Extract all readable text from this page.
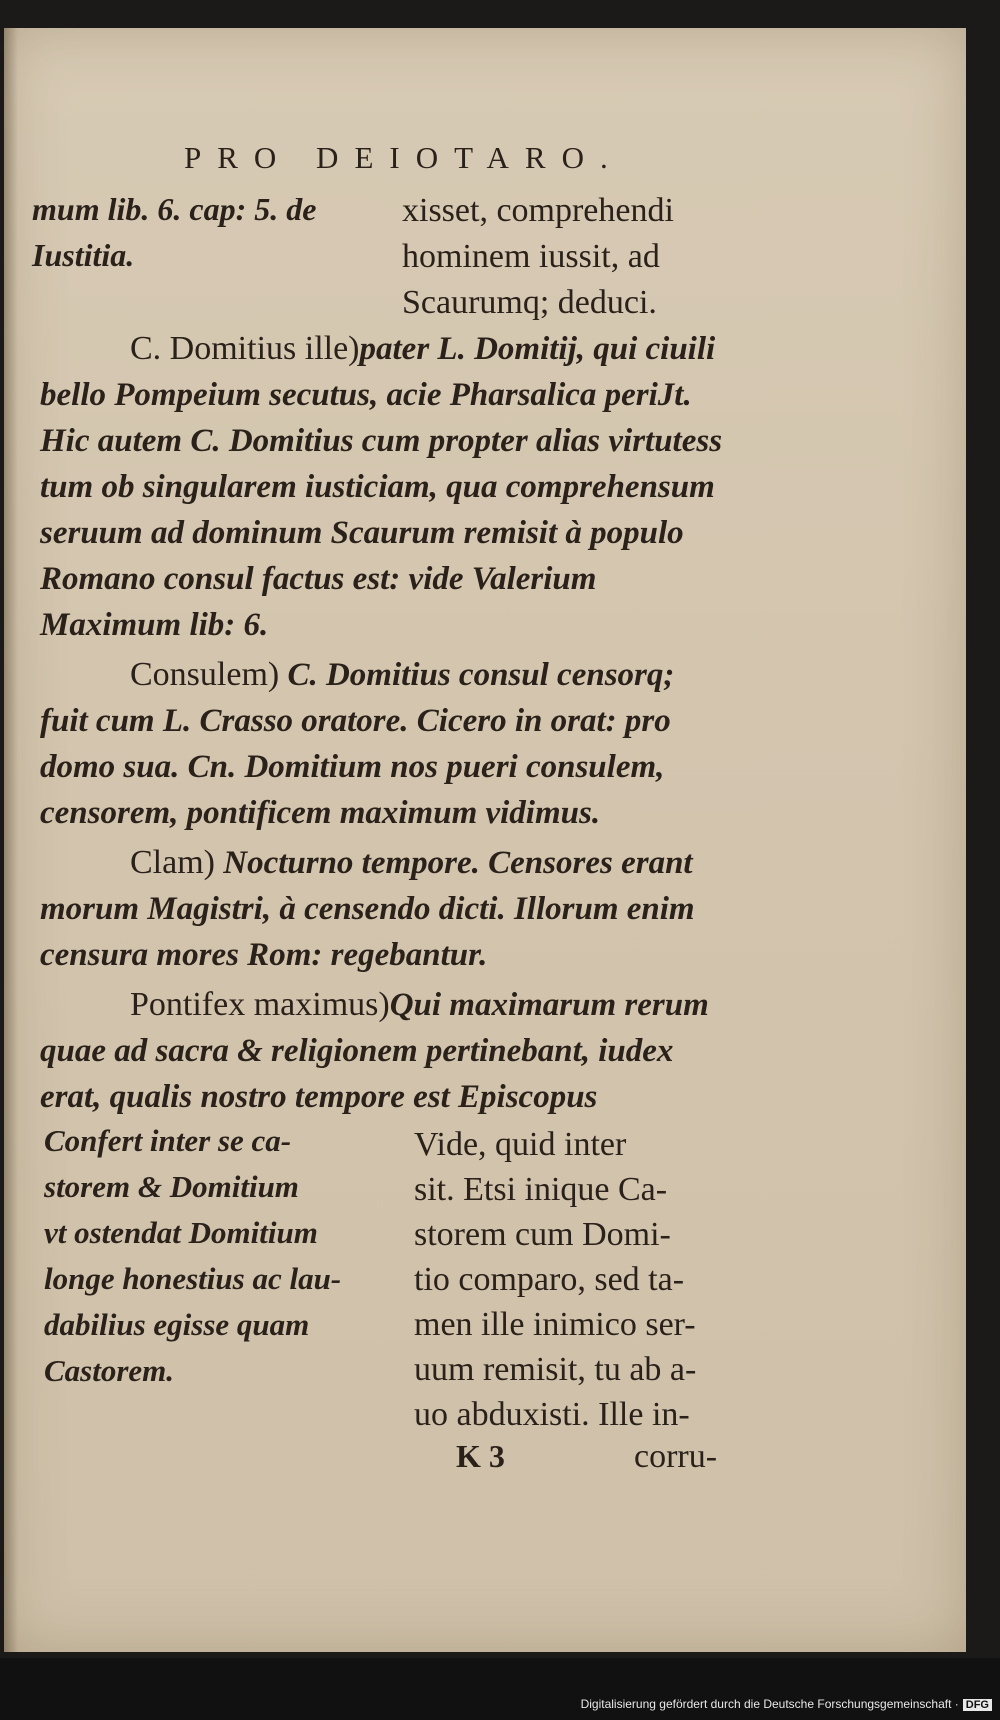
PRO DEIOTARO.
mum lib. 6. cap: 5. de
Iustitia.
xisset, comprehendi
hominem iussit, ad
Scaurumq; deduci.

C. Domitius ille)pater L. Domitij, qui ciuili bello Pompeium secutus, acie Pharsalica periJt. Hic autem C. Domitius cum propter alias virtutess tum ob singularem iusticiam, qua comprehensum seruum ad dominum Scaurum remisit à populo Romano consul factus est: vide Valerium Maximum lib: 6.

Consulem) C. Domitius consul censorq; fuit cum L. Crasso oratore. Cicero in orat: pro domo sua. Cn. Domitium nos pueri consulem, censorem, pontificem maximum vidimus.

Clam) Nocturno tempore. Censores erant morum Magistri, à censendo dicti. Illorum enim censura mores Rom: regebantur.

Pontifex maximus)Qui maximarum rerum quae ad sacra & religionem pertinebant, iudex erat, qualis nostro tempore est Episcopus

Confert inter se ca-
storem & Domitium
vt ostendat Domitium
longe honestius ac lau-
dabilius egisse quam
Castorem.
Vide, quid inter
sit. Etsi inique Ca-
storem cum Domi-
tio comparo, sed ta-
men ille inimico ser-
uum remisit, tu ab a-
uo abduxisti. Ille in-
K 3	corru-
Digitalisierung gefördert durch die Deutsche Forschungsgemeinschaft · DFG
